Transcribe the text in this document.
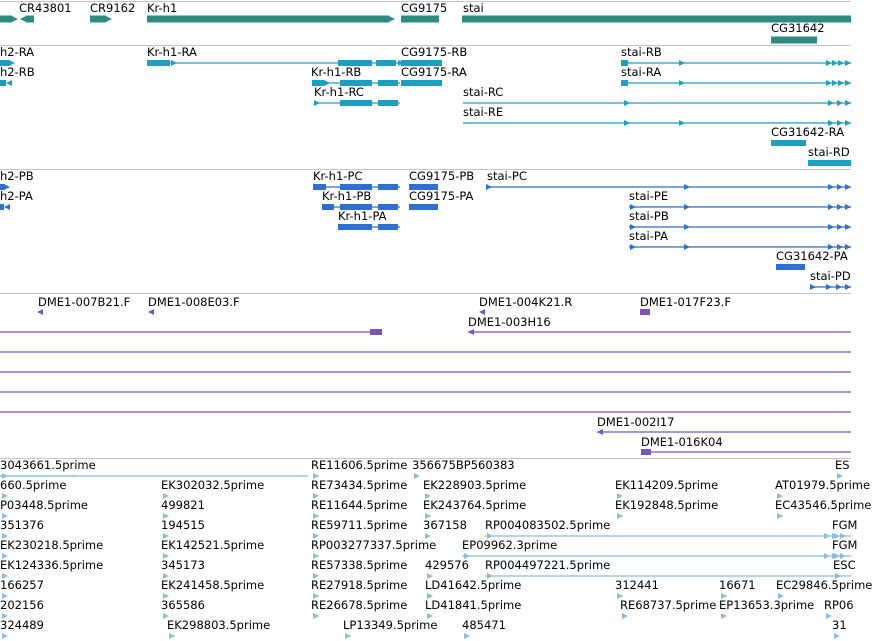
CR43801 CR9162 Kr-h1	CG9175 stai
CG31642
h2-RA
h2-RB
Kr-h1-RA
Kr-h1-RB
Kr-h1-RC
CG9175-RB
CG9175-RA
stai-RC
stai-RE
stai-RB
stai-RA
CG31642-RA
stai-RD
h2-PB
h2-PA
Kr-h1-PC
Kr-h1-PB
Kr-h1-PA
CG9175-PB
CG9175-PA
stai-PC
stai-PE
stai-PB
stai-PA
CG31642-PA
stai-PD
DME1-007B21.F DME1-008E03.F	DME1-004K21.R	DME1-017F23.F
DME1-003H16
DME1-002I17
DME1-016K04
3043661.5prime	RE11606.5prime 356675BP560383	ES
660.5prime	EK302032.5prime	RE73434.5prime EK228903.5prime	EK114209.5prime	AT01979.5prime
P03448.5prime	499821	RE11644.5prime EK243764.5prime	EK192848.5prime	EC43546.5prime
351376	194515	RE59711.5prime 367158 RP004083502.5prime	FGM
EK230218.5prime	EK142521.5prime	RP003277337.5prime EP09962.3prime	FGM
EK124336.5prime	345173	RE57338.5prime 429576 RP004497221.5prime	ESC
166257	EK241458.5prime	RE27918.5prime LD41642.5prime	312441	16671 EC29846.5prime
202156	365586	RE26678.5prime LD41841.5prime	RE68737.5prime EP13653.3prime RP06
324489	EK298803.5prime	LP13349.5prime 485471	31
